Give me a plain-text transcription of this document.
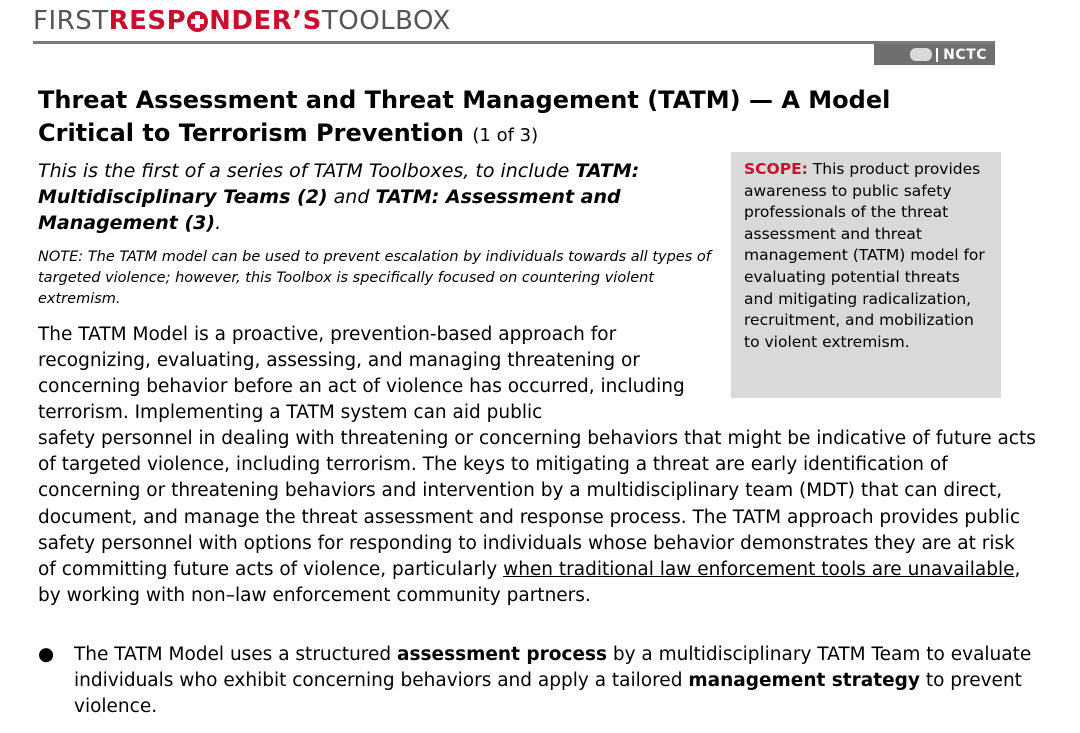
FIRST RESP NDER’S TOOLBOX
NCTC
Threat Assessment and Threat Management (TATM) — A Model Critical to Terrorism Prevention (1 of 3)
This is the first of a series of TATM Toolboxes, to include TATM: Multidisciplinary Teams (2) and TATM: Assessment and Management (3).
NOTE: The TATM model can be used to prevent escalation by individuals towards all types of targeted violence; however, this Toolbox is specifically focused on countering violent extremism.
SCOPE: This product provides awareness to public safety professionals of the threat assessment and threat management (TATM) model for evaluating potential threats and mitigating radicalization, recruitment, and mobilization to violent extremism.
The TATM Model is a proactive, prevention-based approach for recognizing, evaluating, assessing, and managing threatening or concerning behavior before an act of violence has occurred, including terrorism. Implementing a TATM system can aid public
safety personnel in dealing with threatening or concerning behaviors that might be indicative of future acts of targeted violence, including terrorism. The keys to mitigating a threat are early identification of concerning or threatening behaviors and intervention by a multidisciplinary team (MDT) that can direct, document, and manage the threat assessment and response process. The TATM approach provides public safety personnel with options for responding to individuals whose behavior demonstrates they are at risk of committing future acts of violence, particularly when traditional law enforcement tools are unavailable, by working with non–law enforcement community partners.
● The TATM Model uses a structured assessment process by a multidisciplinary TATM Team to evaluate individuals who exhibit concerning behaviors and apply a tailored management strategy to prevent violence.
